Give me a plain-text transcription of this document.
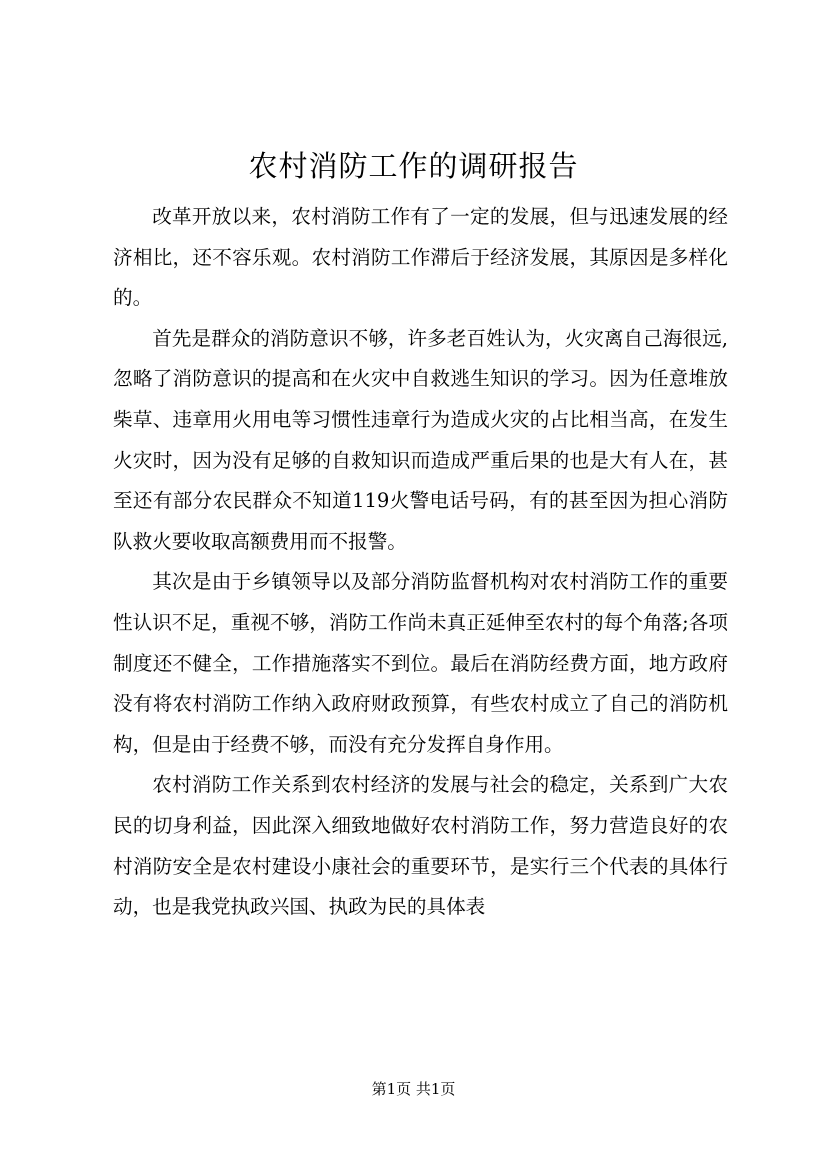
农村消防工作的调研报告

改革开放以来，农村消防工作有了一定的发展，但与迅速发展的经济相比，还不容乐观。农村消防工作滞后于经济发展，其原因是多样化的。

首先是群众的消防意识不够，许多老百姓认为，火灾离自己海很远,忽略了消防意识的提高和在火灾中自救逃生知识的学习。因为任意堆放柴草、违章用火用电等习惯性违章行为造成火灾的占比相当高，在发生火灾时，因为没有足够的自救知识而造成严重后果的也是大有人在，甚至还有部分农民群众不知道119火警电话号码，有的甚至因为担心消防队救火要收取高额费用而不报警。

其次是由于乡镇领导以及部分消防监督机构对农村消防工作的重要性认识不足，重视不够，消防工作尚未真正延伸至农村的每个角落;各项制度还不健全，工作措施落实不到位。最后在消防经费方面，地方政府没有将农村消防工作纳入政府财政预算，有些农村成立了自己的消防机构，但是由于经费不够，而没有充分发挥自身作用。

农村消防工作关系到农村经济的发展与社会的稳定，关系到广大农民的切身利益，因此深入细致地做好农村消防工作，努力营造良好的农村消防安全是农村建设小康社会的重要环节，是实行三个代表的具体行动，也是我党执政兴国、执政为民的具体表

第1页 共1页
